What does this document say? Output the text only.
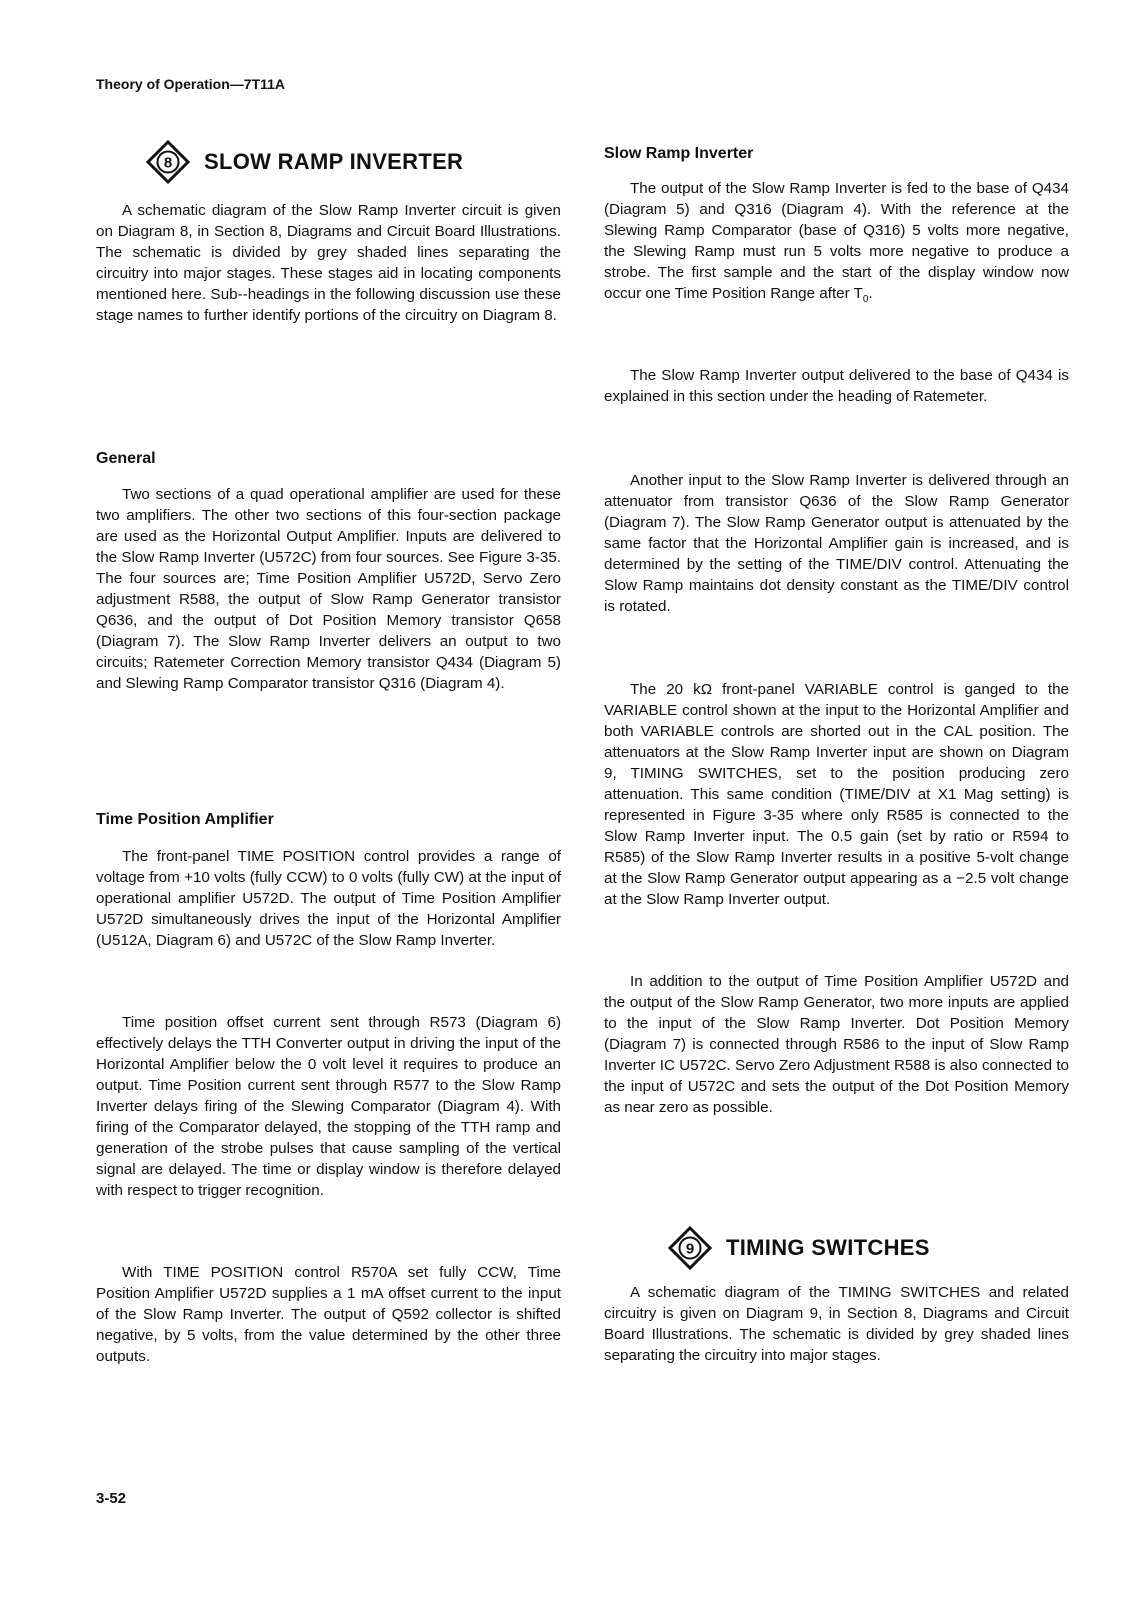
Theory of Operation—7T11A
8 SLOW RAMP INVERTER

A schematic diagram of the Slow Ramp Inverter circuit is given on Diagram 8, in Section 8, Diagrams and Circuit Board Illustrations. The schematic is divided by grey shaded lines separating the circuitry into major stages. These stages aid in locating components mentioned here. Sub--headings in the following discussion use these stage names to further identify portions of the circuitry on Diagram 8.

General

Two sections of a quad operational amplifier are used for these two amplifiers. The other two sections of this four-section package are used as the Horizontal Output Amplifier. Inputs are delivered to the Slow Ramp Inverter (U572C) from four sources. See Figure 3-35. The four sources are; Time Position Amplifier U572D, Servo Zero adjustment R588, the output of Slow Ramp Generator transistor Q636, and the output of Dot Position Memory transistor Q658 (Diagram 7). The Slow Ramp Inverter delivers an output to two circuits; Ratemeter Correction Memory transistor Q434 (Diagram 5) and Slewing Ramp Comparator transistor Q316 (Diagram 4).

Time Position Amplifier

The front-panel TIME POSITION control provides a range of voltage from +10 volts (fully CCW) to 0 volts (fully CW) at the input of operational amplifier U572D. The output of Time Position Amplifier U572D simultaneously drives the input of the Horizontal Amplifier (U512A, Diagram 6) and U572C of the Slow Ramp Inverter.

Time position offset current sent through R573 (Diagram 6) effectively delays the TTH Converter output in driving the input of the Horizontal Amplifier below the 0 volt level it requires to produce an output. Time Position current sent through R577 to the Slow Ramp Inverter delays firing of the Slewing Comparator (Diagram 4). With firing of the Comparator delayed, the stopping of the TTH ramp and generation of the strobe pulses that cause sampling of the vertical signal are delayed. The time or display window is therefore delayed with respect to trigger recognition.

With TIME POSITION control R570A set fully CCW, Time Position Amplifier U572D supplies a 1 mA offset current to the input of the Slow Ramp Inverter. The output of Q592 collector is shifted negative, by 5 volts, from the value determined by the other three outputs.

Slow Ramp Inverter

The output of the Slow Ramp Inverter is fed to the base of Q434 (Diagram 5) and Q316 (Diagram 4). With the reference at the Slewing Ramp Comparator (base of Q316) 5 volts more negative, the Slewing Ramp must run 5 volts more negative to produce a strobe. The first sample and the start of the display window now occur one Time Position Range after $T_0$.

The Slow Ramp Inverter output delivered to the base of Q434 is explained in this section under the heading of Ratemeter.

Another input to the Slow Ramp Inverter is delivered through an attenuator from transistor Q636 of the Slow Ramp Generator (Diagram 7). The Slow Ramp Generator output is attenuated by the same factor that the Horizontal Amplifier gain is increased, and is determined by the setting of the TIME/DIV control. Attenuating the Slow Ramp maintains dot density constant as the TIME/DIV control is rotated.

The 20 kΩ front-panel VARIABLE control is ganged to the VARIABLE control shown at the input to the Horizontal Amplifier and both VARIABLE controls are shorted out in the CAL position. The attenuators at the Slow Ramp Inverter input are shown on Diagram 9, TIMING SWITCHES, set to the position producing zero attenuation. This same condition (TIME/DIV at X1 Mag setting) is represented in Figure 3-35 where only R585 is connected to the Slow Ramp Inverter input. The 0.5 gain (set by ratio or R594 to R585) of the Slow Ramp Inverter results in a positive 5-volt change at the Slow Ramp Generator output appearing as a −2.5 volt change at the Slow Ramp Inverter output.

In addition to the output of Time Position Amplifier U572D and the output of the Slow Ramp Generator, two more inputs are applied to the input of the Slow Ramp Inverter. Dot Position Memory (Diagram 7) is connected through R586 to the input of Slow Ramp Inverter IC U572C. Servo Zero Adjustment R588 is also connected to the input of U572C and sets the output of the Dot Position Memory as near zero as possible.

9 TIMING SWITCHES

A schematic diagram of the TIMING SWITCHES and related circuitry is given on Diagram 9, in Section 8, Diagrams and Circuit Board Illustrations. The schematic is divided by grey shaded lines separating the circuitry into major stages.

3-52
